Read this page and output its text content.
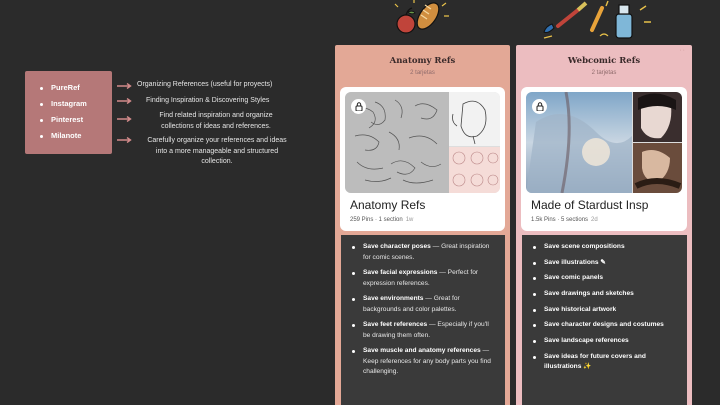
PureRef
Instagram
Pinterest
Milanote
Organizing References (useful for proyects)
Finding Inspiration & Discovering Styles
Find related inspiration and organize collections of ideas and references.
Carefully organize your references and ideas into a more manageable and structured collection.
Anatomy Refs
2 tarjetas
Anatomy Refs
259 Pins · 1 section 1w
Save character poses — Great inspiration for comic scenes.
Save facial expressions — Perfect for expression references.
Save environments — Great for backgrounds and color palettes.
Save feet references — Especially if you'll be drawing them often.
Save muscle and anatomy references — Keep references for any body parts you find challenging.
Webcomic Refs
2 tarjetas
··
Made of Stardust Insp
1.5k Pins · 5 sections 2d
Save scene compositions
Save illustrations ✎
Save comic panels
Save drawings and sketches
Save historical artwork
Save character designs and costumes
Save landscape references
Save ideas for future covers and illustrations ✨
